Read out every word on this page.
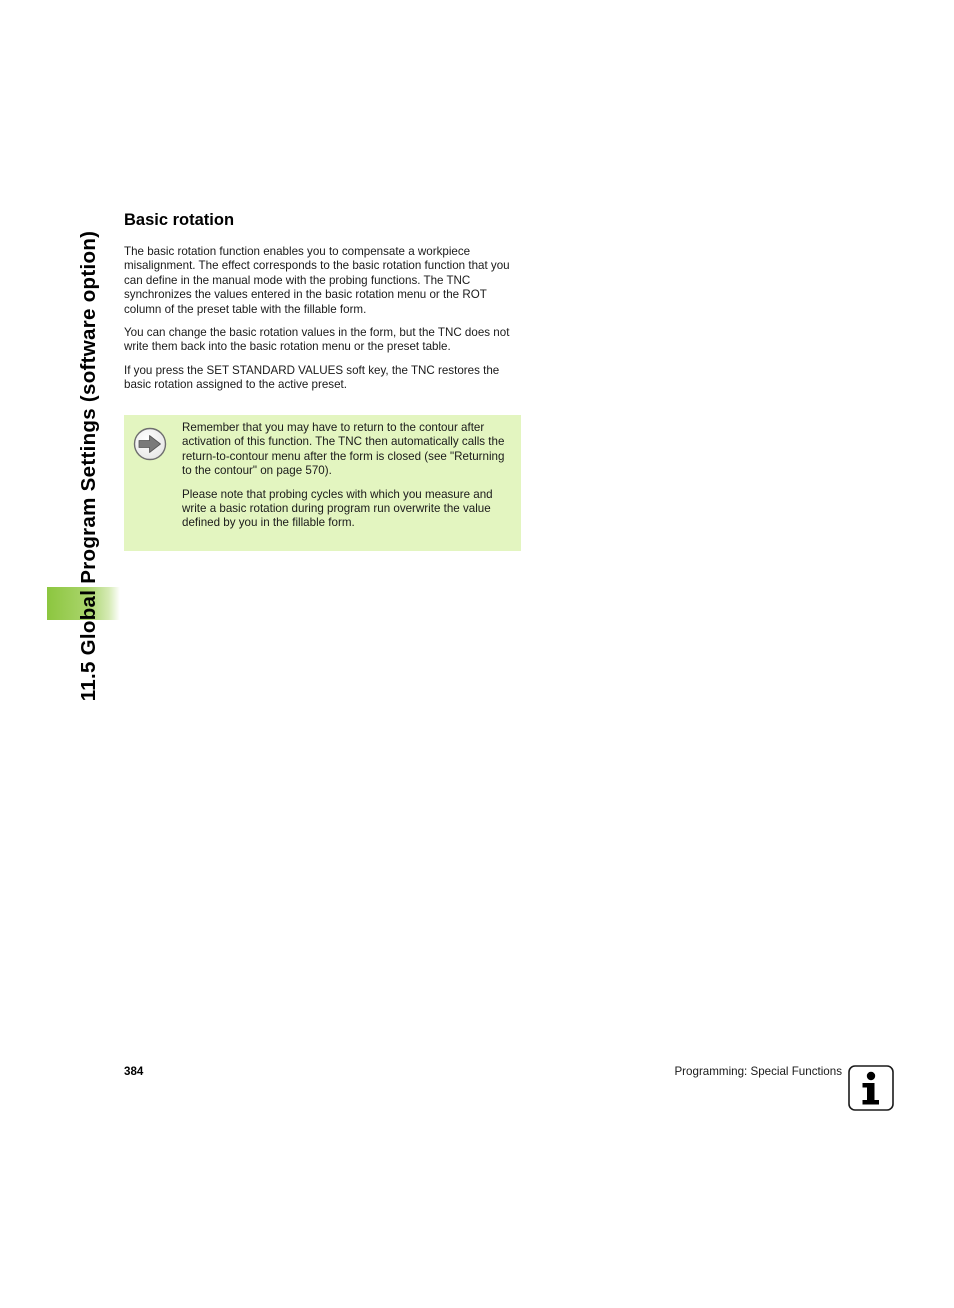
11.5 Global Program Settings (software option)
Basic rotation

The basic rotation function enables you to compensate a workpiece misalignment. The effect corresponds to the basic rotation function that you can define in the manual mode with the probing functions. The TNC synchronizes the values entered in the basic rotation menu or the ROT column of the preset table with the fillable form.

You can change the basic rotation values in the form, but the TNC does not write them back into the basic rotation menu or the preset table.

If you press the SET STANDARD VALUES soft key, the TNC restores the basic rotation assigned to the active preset.

Remember that you may have to return to the contour after activation of this function. The TNC then automatically calls the return-to-contour menu after the form is closed (see "Returning to the contour" on page 570).

Please note that probing cycles with which you measure and write a basic rotation during program run overwrite the value defined by you in the fillable form.

384	Programming: Special Functions
